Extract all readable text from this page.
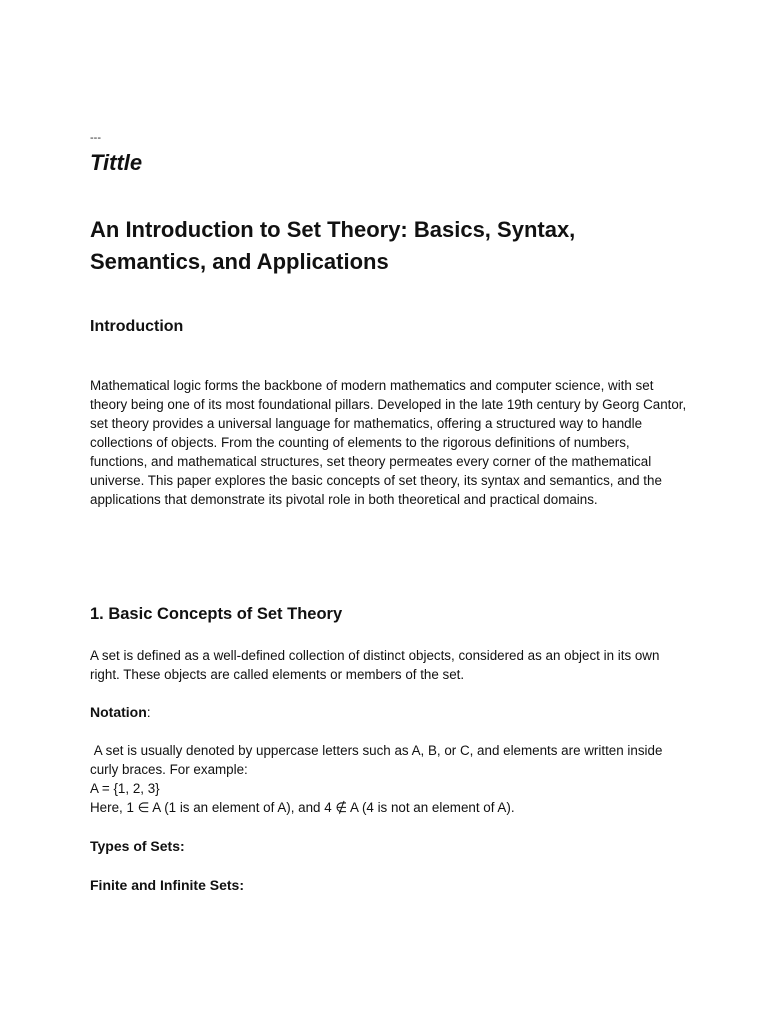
---

Tittle
An Introduction to Set Theory: Basics, Syntax, Semantics, and Applications
Introduction

Mathematical logic forms the backbone of modern mathematics and computer science, with set theory being one of its most foundational pillars. Developed in the late 19th century by Georg Cantor, set theory provides a universal language for mathematics, offering a structured way to handle collections of objects. From the counting of elements to the rigorous definitions of numbers, functions, and mathematical structures, set theory permeates every corner of the mathematical universe. This paper explores the basic concepts of set theory, its syntax and semantics, and the applications that demonstrate its pivotal role in both theoretical and practical domains.

1. Basic Concepts of Set Theory

A set is defined as a well-defined collection of distinct objects, considered as an object in its own right. These objects are called elements or members of the set.

Notation:

A set is usually denoted by uppercase letters such as A, B, or C, and elements are written inside curly braces. For example:
A = {1, 2, 3}
Here, 1 ∈ A (1 is an element of A), and 4 ∉ A (4 is not an element of A).

Types of Sets:
Finite and Infinite Sets:
